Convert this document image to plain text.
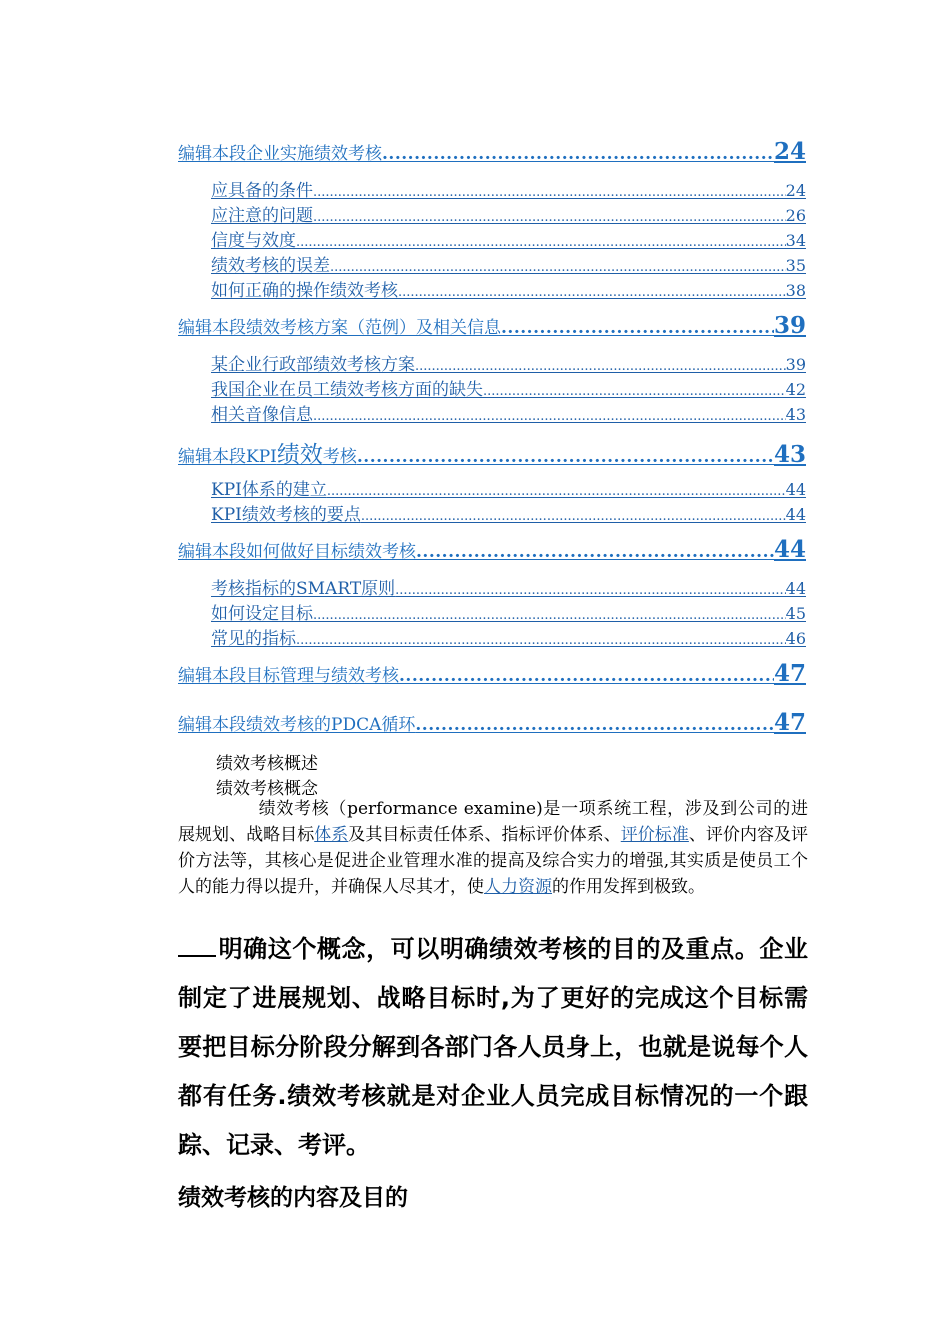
编辑本段企业实施绩效考核 .....	24
应具备的条件 .....	24
应注意的问题 .....	26
信度与效度 .....	34
绩效考核的误差 .....	35
如何正确的操作绩效考核 .....	38
编辑本段绩效考核方案（范例）及相关信息 .....	39
某企业行政部绩效考核方案 .....	39
我国企业在员工绩效考核方面的缺失 .....	42
相关音像信息 .....	43
编辑本段KPI绩效考核 .....	43
KPI体系的建立 .....	44
KPI绩效考核的要点 .....	44
编辑本段如何做好目标绩效考核 .....	44
考核指标的SMART原则 .....	44
如何设定目标 .....	45
常见的指标 .....	46
编辑本段目标管理与绩效考核 .....	47
编辑本段绩效考核的PDCA循环 .....	47
绩效考核概述
绩效考核概念
绩效考核（performance examine)是一项系统工程，涉及到公司的进展规划、战略目标体系及其目标责任体系、指标评价体系、评价标准、评价内容及评价方法等，其核心是促进企业管理水准的提高及综合实力的增强,其实质是使员工个人的能力得以提升，并确保人尽其才，使人力资源的作用发挥到极致。
明确这个概念，可以明确绩效考核的目的及重点。企业制定了进展规划、战略目标时,为了更好的完成这个目标需要把目标分阶段分解到各部门各人员身上，也就是说每个人都有任务.绩效考核就是对企业人员完成目标情况的一个跟踪、记录、考评。
绩效考核的内容及目的
